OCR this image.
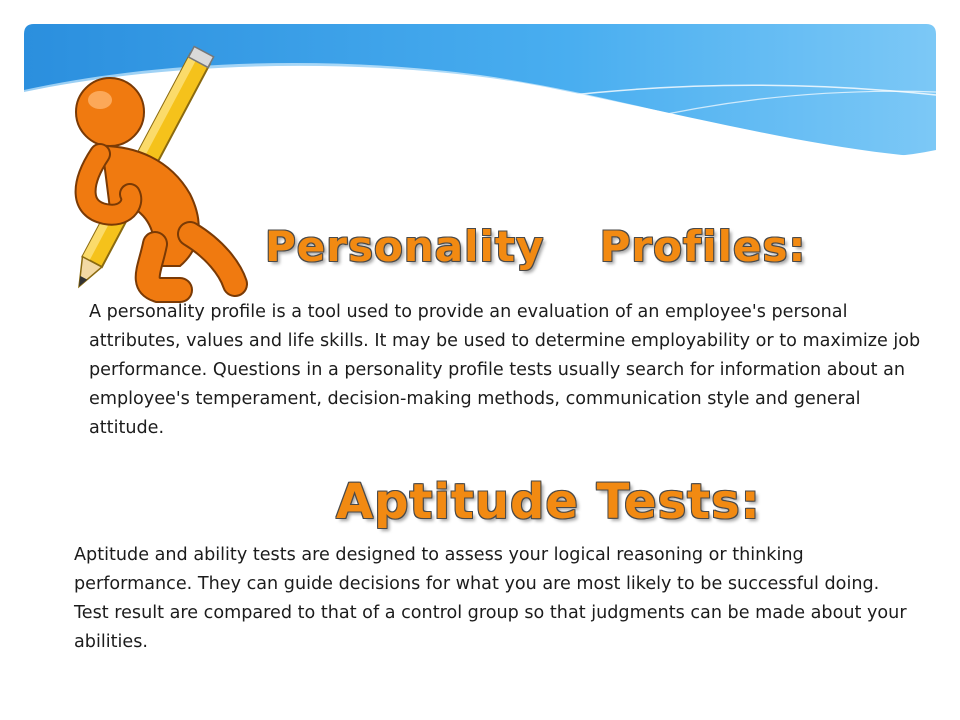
Personality  Profiles:

A personality profile is a tool used to provide an evaluation of an employee's personal attributes, values and life skills. It may be used to determine employability or to maximize job performance. Questions in a personality profile tests usually search for information about an employee's temperament, decision-making methods, communication style and general attitude.

Aptitude Tests:

Aptitude and ability tests are designed to assess your logical reasoning or thinking performance. They can guide decisions for what you are most likely to be successful doing. Test result are compared to that of a control group so that judgments can be made about your abilities.
